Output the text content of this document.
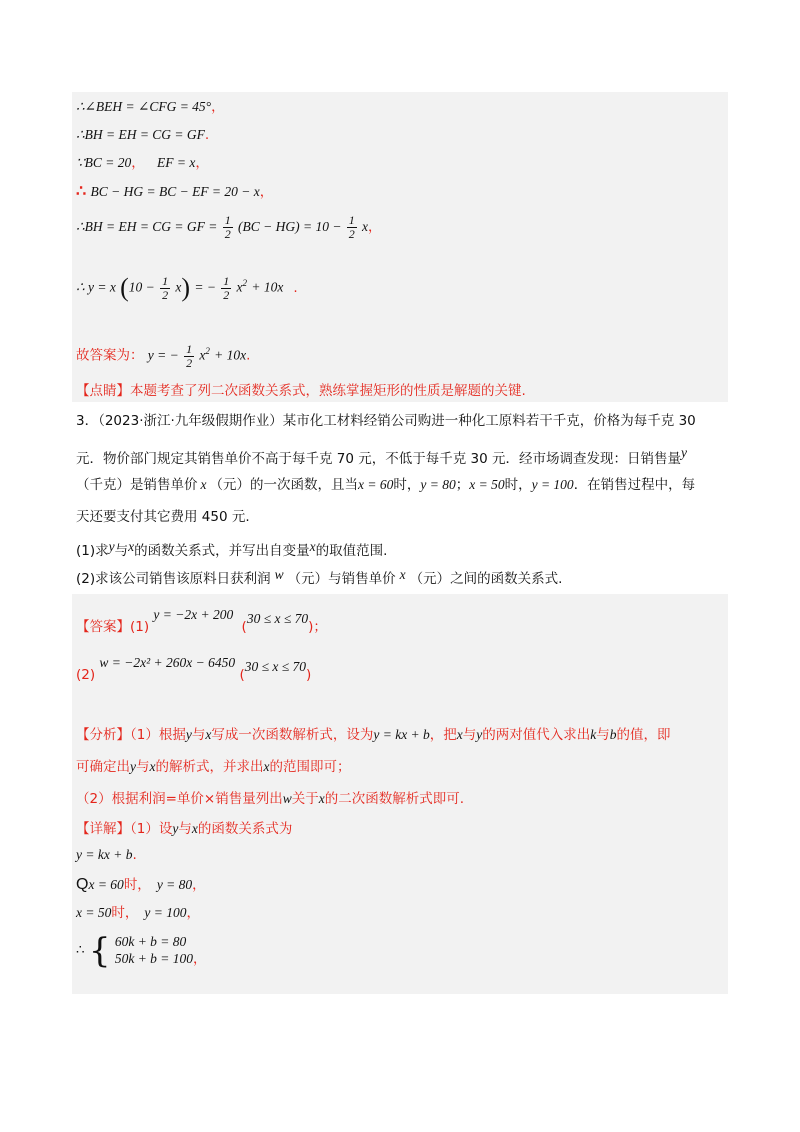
∴∠BEH = ∠CFG = 45°，
∴BH = EH = CG = GF.
∵BC = 20， EF = x，
∴ BC − HG = BC − EF = 20 − x，
∴BH = EH = CG = GF = $\frac{1}{2} (BC - HG) = 10 - \frac{1}{2}$ x，
∴ y = x $(10 - \frac{1}{2} x)$ = − $\frac{1}{2} x^2 + 10x$ .
故答案为： y = − $\frac{1}{2} x^2 + 10x$.
【点睛】本题考查了列二次函数关系式，熟练掌握矩形的性质是解题的关键.
3．（2023·浙江·九年级假期作业）某市化工材料经销公司购进一种化工原料若干千克，价格为每千克 30
元．物价部门规定其销售单价不高于每千克 70 元，不低于每千克 30 元．经市场调查发现：日销售量y
（千克）是销售单价 x （元）的一次函数，且当x = 60时，y = 80；x = 50时，y = 100．在销售过程中，每
天还要支付其它费用 450 元.
(1)求y与x的函数关系式，并写出自变量x的取值范围.
(2)求该公司销售该原料日获利润 w （元）与销售单价 x （元）之间的函数关系式.
【答案】(1) y = −2x + 200 (30 ≤ x ≤ 70)；
(2) w = −2x² + 260x − 6450 (30 ≤ x ≤ 70)
【分析】（1）根据y与x写成一次函数解析式，设为y = kx + b，把x与y的两对值代入求出k与b的值，即
可确定出y与x的解析式，并求出x的范围即可；
（2）根据利润=单价×销售量列出w关于x的二次函数解析式即可.
【详解】（1）设y与x的函数关系式为
y = kx + b.
Qx = 60时， y = 80，
x = 50时， y = 100，
∴ { 60k + b = 80
50k + b = 100，
